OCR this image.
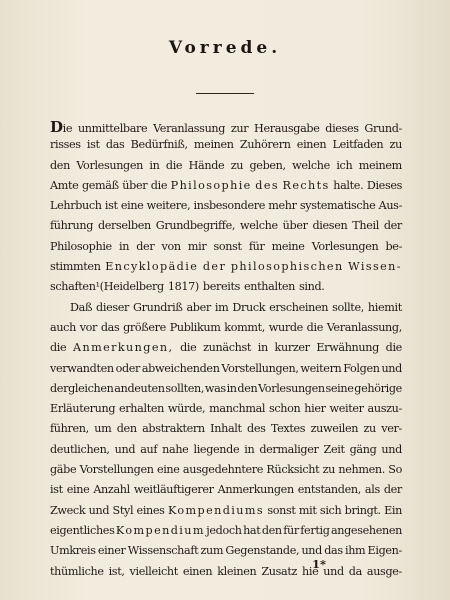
Vorrede.
Die unmittelbare Veranlassung zur Herausgabe dieses Grund-
risses ist das Bedürfniß, meinen Zuhörern einen Leitfaden zu
den Vorlesungen in die Hände zu geben, welche ich meinem
Amte gemäß über die Philosophie des Rechts halte. Dieses
Lehrbuch ist eine weitere, insbesondere mehr systematische Aus-
führung derselben Grundbegriffe, welche über diesen Theil der
Philosophie in der von mir sonst für meine Vorlesungen be-
stimmten Encyklopädie der philosophischen Wissen-
schaften¹(Heidelberg 1817) bereits enthalten sind.
Daß dieser Grundriß aber im Druck erscheinen sollte, hiemit
auch vor das größere Publikum kommt, wurde die Veranlassung,
die Anmerkungen, die zunächst in kurzer Erwähnung die
verwandten oder abweichenden Vorstellungen, weitern Folgen und
dergleichen andeuten sollten, was in den Vorlesungen seine gehörige
Erläuterung erhalten würde, manchmal schon hier weiter auszu-
führen, um den abstraktern Inhalt des Textes zuweilen zu ver-
deutlichen, und auf nahe liegende in dermaliger Zeit gäng und
gäbe Vorstellungen eine ausgedehntere Rücksicht zu nehmen. So
ist eine Anzahl weitläuftigerer Anmerkungen entstanden, als der
Zweck und Styl eines Kompendiums sonst mit sich bringt. Ein
eigentliches Kompendium jedoch hat den für fertig angesehenen
Umkreis einer Wissenschaft zum Gegenstande, und das ihm Eigen-
thümliche ist, vielleicht einen kleinen Zusatz hie und da ausge-
1*
